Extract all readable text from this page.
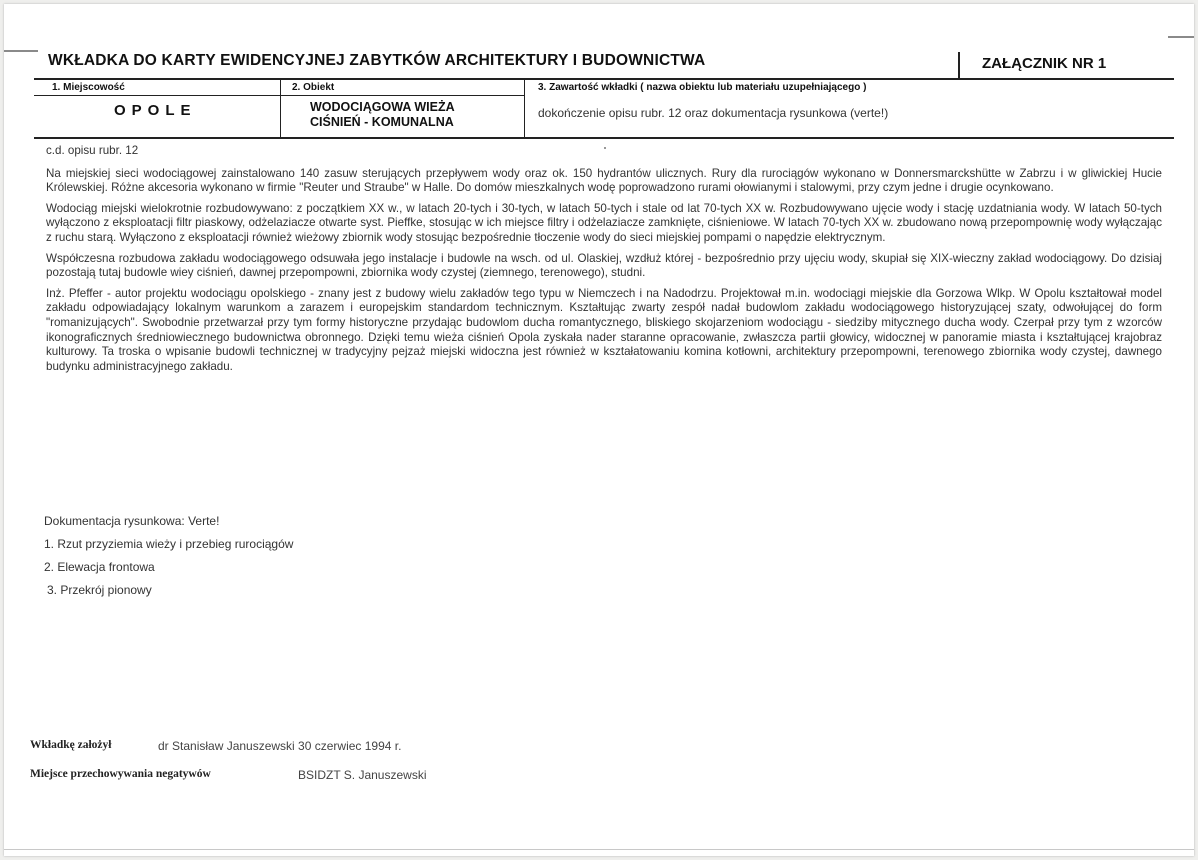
WKŁADKA DO KARTY EWIDENCYJNEJ ZABYTKÓW ARCHITEKTURY I BUDOWNICTWA	ZAŁĄCZNIK NR 1
1. Miejscowość
OPOLE
2. Obiekt
WODOCIĄGOWA WIEŻA
CIŚNIEŃ - KOMUNALNA
3. Zawartość wkładki ( nazwa obiektu lub materiału uzupełniającego )
dokończenie opisu rubr. 12 oraz dokumentacja rysunkowa (verte!)

c.d. opisu rubr. 12

Na miejskiej sieci wodociągowej zainstalowano 140 zasuw sterujących przepływem wody oraz ok. 150 hydrantów ulicznych. Rury dla rurociągów wykonano w Donnersmarckshütte w Zabrzu i w gliwickiej Hucie Królewskiej. Różne akcesoria wykonano w firmie "Reuter und Straube" w Halle. Do domów mieszkalnych wodę poprowadzono rurami ołowianymi i stalowymi, przy czym jedne i drugie ocynkowano.

Wodociąg miejski wielokrotnie rozbudowywano: z początkiem XX w., w latach 20-tych i 30-tych, w latach 50-tych i stale od lat 70-tych XX w. Rozbudowywano ujęcie wody i stację uzdatniania wody. W latach 50-tych wyłączono z eksploatacji filtr piaskowy, odżelaziacze otwarte syst. Pieffke, stosując w ich miejsce filtry i odżelaziacze zamknięte, ciśnieniowe. W latach 70-tych XX w. zbudowano nową przepompownię wody wyłączając z ruchu starą. Wyłączono z eksploatacji również wieżowy zbiornik wody stosując bezpośrednie tłoczenie wody do sieci miejskiej pompami o napędzie elektrycznym.

Współczesna rozbudowa zakładu wodociągowego odsuwała jego instalacje i budowle na wsch. od ul. Olaskiej, wzdłuż której - bezpośrednio przy ujęciu wody, skupiał się XIX-wieczny zakład wodociągowy. Do dzisiaj pozostają tutaj budowle wiey ciśnień, dawnej przepompowni, zbiornika wody czystej (ziemnego, terenowego), studni.

Inż. Pfeffer - autor projektu wodociągu opolskiego - znany jest z budowy wielu zakładów tego typu w Niemczech i na Nadodrzu. Projektował m.in. wodociągi miejskie dla Gorzowa Wlkp. W Opolu kształtował model zakładu odpowiadający lokalnym warunkom a zarazem i europejskim standardom technicznym. Kształtując zwarty zespół nadał budowlom zakładu wodociągowego historyzującej szaty, odwołującej do form "romanizujących". Swobodnie przetwarzał przy tym formy historyczne przydając budowlom ducha romantycznego, bliskiego skojarzeniom wodociągu - siedziby mitycznego ducha wody. Czerpał przy tym z wzorców ikonograficznych średniowiecznego budownictwa obronnego. Dzięki temu wieża ciśnień Opola zyskała nader staranne opracowanie, zwłaszcza partii głowicy, widocznej w panoramie miasta i kształtującej krajobraz kulturowy. Ta troska o wpisanie budowli technicznej w tradycyjny pejzaż miejski widoczna jest również w kształatowaniu komina kotłowni, architektury przepompowni, terenowego zbiornika wody czystej, dawnego budynku administracyjnego zakładu.

Dokumentacja rysunkowa: Verte!
1. Rzut przyziemia wieży i przebieg rurociągów
2. Elewacja frontowa
3. Przekrój pionowy
Wkładkę założył	dr Stanisław Januszewski 30 czerwiec 1994 r.
Miejsce przechowywania negatywów	BSIDZT S. Januszewski
